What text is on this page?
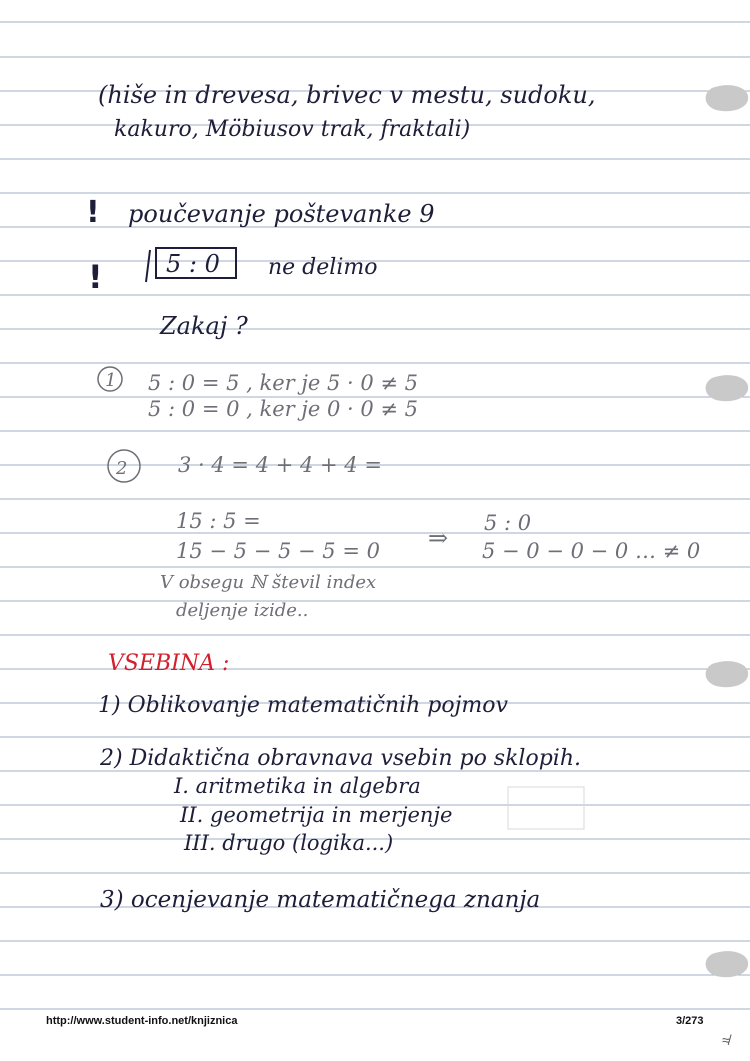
(hiše in drevesa, brivec v mestu, sudoku,
kakuro, Möbiusov trak, fraktali)
! poučevanje poštevanke 9
!	5 : 0 ne delimo
Zakaj ?
1 5 : 0 = 5 , ker je 5 · 0 ≠ 5
5 : 0 = 0 , ker je 0 · 0 ≠ 5
2 3 · 4 = 4 + 4 + 4 =
15 : 5 =
15 − 5 − 5 − 5 = 0 ⇒
5 : 0
5 − 0 − 0 − 0 … ≠ 0
V obsegu ℕ števil index
deljenje izide..
VSEBINA :
1) Oblikovanje matematičnih pojmov
2) Didaktična obravnava vsebin po sklopih.
I. aritmetika in algebra
II. geometrija in merjenje
III. drugo (logika...)
3) ocenjevanje matematičnega znanja
http://www.student-info.net/knjiznica	3/273
≉
